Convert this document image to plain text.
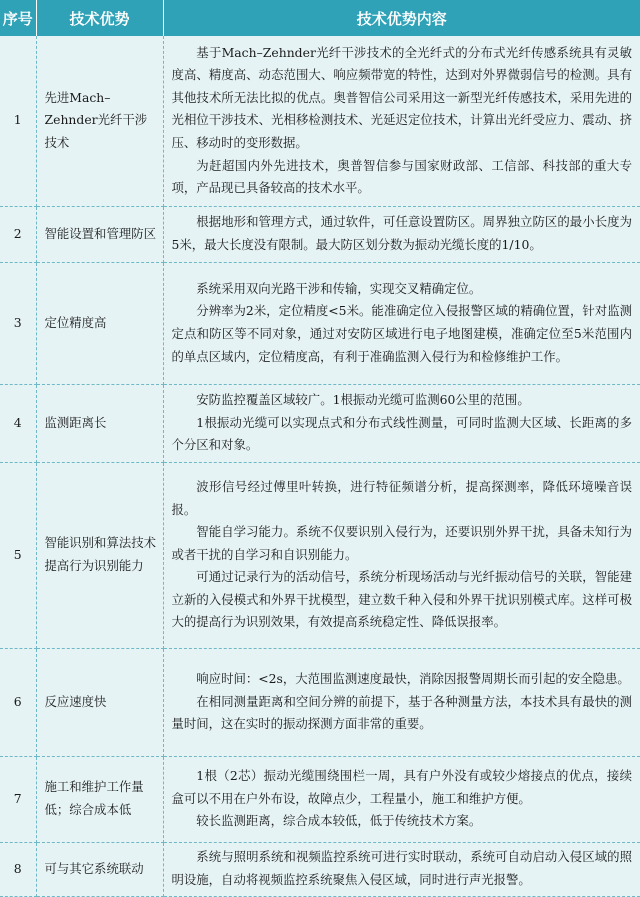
序号	技术优势	技术优势内容
1	先进Mach–Zehnder光纤干涉技术	基于Mach–Zehnder光纤干涉技术的全光纤式的分布式光纤传感系统具有灵敏度高、精度高、动态范围大、响应频带宽的特性，达到对外界微弱信号的检测。具有其他技术所无法比拟的优点。奥普智信公司采用这一新型光纤传感技术，采用先进的光相位干涉技术、光相移检测技术、光延迟定位技术，计算出光纤受应力、震动、挤压、移动时的变形数据。

为赶超国内外先进技术，奥普智信参与国家财政部、工信部、科技部的重大专项，产品现已具备较高的技术水平。

2	智能设置和管理防区	根据地形和管理方式，通过软件，可任意设置防区。周界独立防区的最小长度为5米，最大长度没有限制。最大防区划分数为振动光缆长度的1/10。

3	定位精度高	系统采用双向光路干涉和传输，实现交叉精确定位。

分辨率为2米，定位精度<5米。能准确定位入侵报警区域的精确位置，针对监测定点和防区等不同对象，通过对安防区域进行电子地图建模，准确定位至5米范围内的单点区域内，定位精度高，有利于准确监测入侵行为和检修维护工作。

4	监测距离长	安防监控覆盖区域较广。1根振动光缆可监测60公里的范围。

1根振动光缆可以实现点式和分布式线性测量，可同时监测大区域、长距离的多个分区和对象。

5	智能识别和算法技术提高行为识别能力	波形信号经过傅里叶转换，进行特征频谱分析，提高探测率，降低环境噪音误报。

智能自学习能力。系统不仅要识别入侵行为，还要识别外界干扰，具备未知行为或者干扰的自学习和自识别能力。

可通过记录行为的活动信号，系统分析现场活动与光纤振动信号的关联，智能建立新的入侵模式和外界干扰模型，建立数千种入侵和外界干扰识别模式库。这样可极大的提高行为识别效果，有效提高系统稳定性、降低误报率。

6	反应速度快	响应时间：<2s，大范围监测速度最快，消除因报警周期长而引起的安全隐患。

在相同测量距离和空间分辨的前提下，基于各种测量方法，本技术具有最快的测量时间，这在实时的振动探测方面非常的重要。

7	施工和维护工作量低；综合成本低	1根（2芯）振动光缆围绕围栏一周，具有户外没有或较少熔接点的优点，接续盒可以不用在户外布设，故障点少，工程量小，施工和维护方便。

较长监测距离，综合成本较低，低于传统技术方案。

8	可与其它系统联动	系统与照明系统和视频监控系统可进行实时联动，系统可自动启动入侵区域的照明设施，自动将视频监控系统聚焦入侵区域，同时进行声光报警。
